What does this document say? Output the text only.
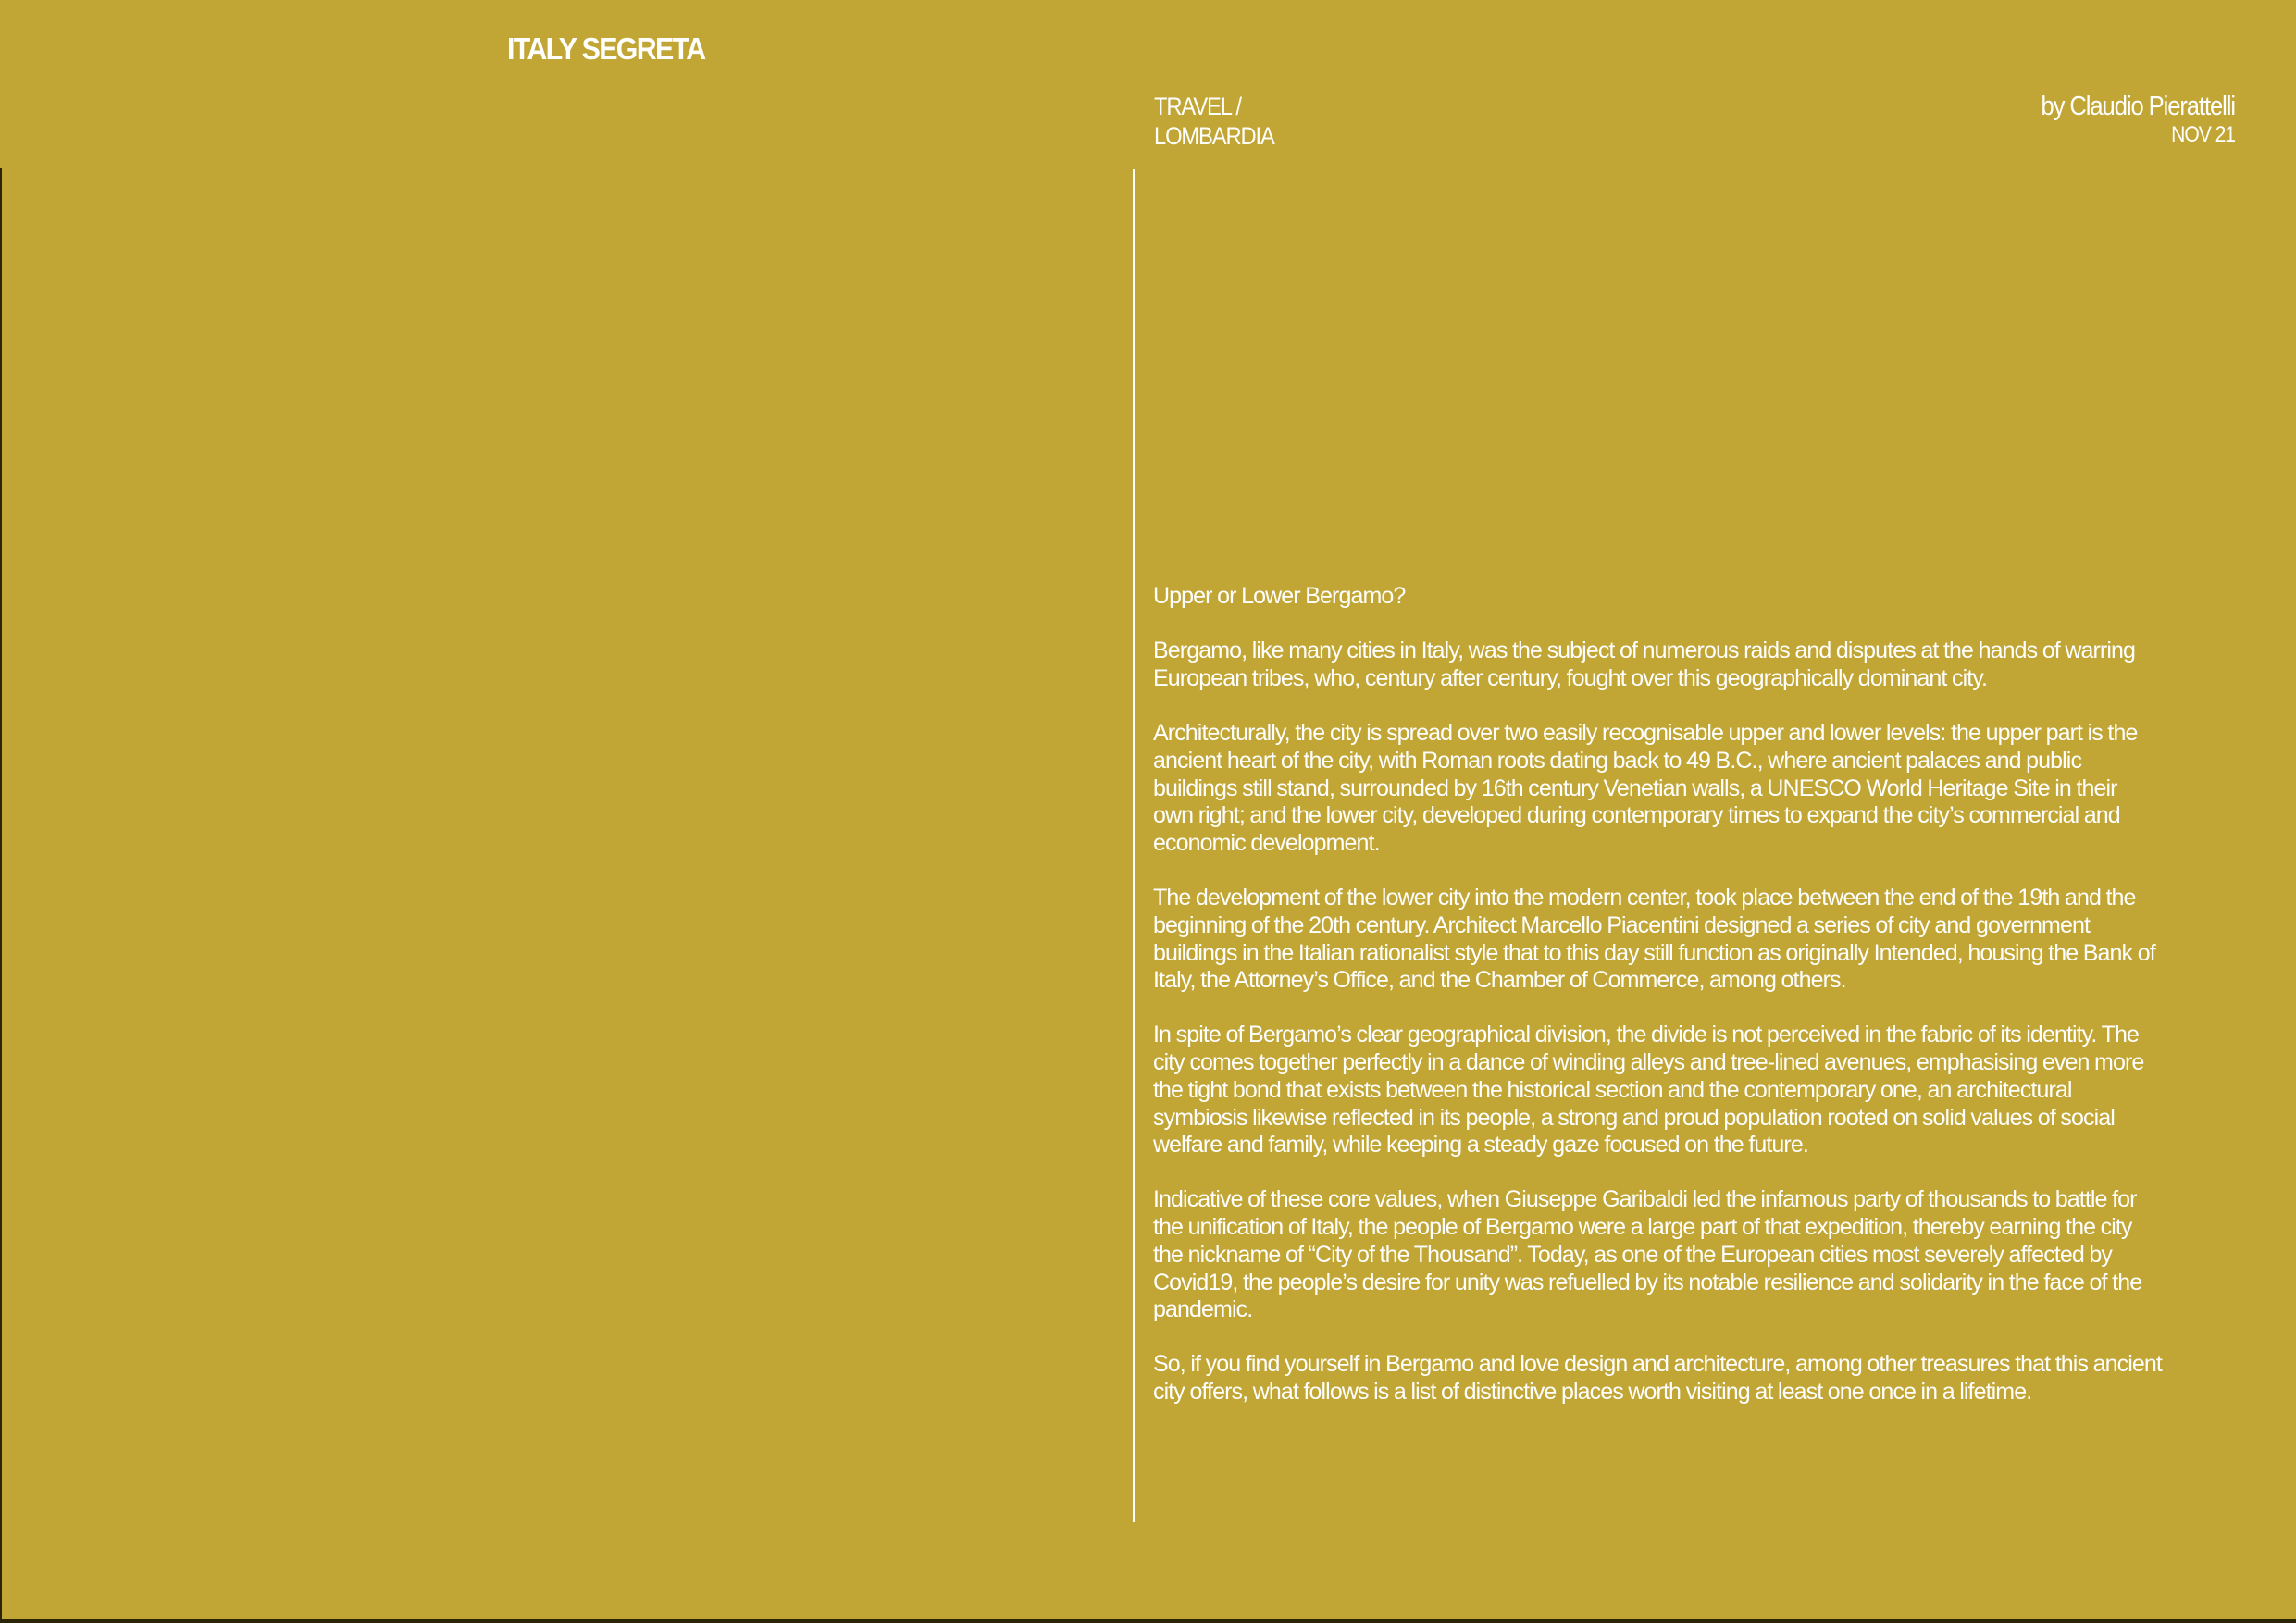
ITALY SEGRETA
TRAVEL /
LOMBARDIA
by Claudio Pierattelli
NOV 21
Upper or Lower Bergamo?

Bergamo, like many cities in Italy, was the subject of numerous raids and disputes at the hands of warring European tribes, who, century after century, fought over this geographically dominant city.

Architecturally, the city is spread over two easily recognisable upper and lower levels: the upper part is the ancient heart of the city, with Roman roots dating back to 49 B.C., where ancient palaces and public buildings still stand, surrounded by 16th century Venetian walls, a UNESCO World Heritage Site in their own right; and the lower city, developed during contemporary times to expand the city’s commercial and economic development.

The development of the lower city into the modern center, took place between the end of the 19th and the beginning of the 20th century. Architect Marcello Piacentini designed a series of city and government buildings in the Italian rationalist style that to this day still function as originally Intended, housing the Bank of Italy, the Attorney’s Office, and the Chamber of Commerce, among others.

In spite of Bergamo’s clear geographical division, the divide is not perceived in the fabric of its identity. The city comes together perfectly in a dance of winding alleys and tree-lined avenues, emphasising even more the tight bond that exists between the historical section and the contemporary one, an architectural symbiosis likewise reflected in its people, a strong and proud population rooted on solid values of social welfare and family, while keeping a steady gaze focused on the future.

Indicative of these core values, when Giuseppe Garibaldi led the infamous party of thousands to battle for the unification of Italy, the people of Bergamo were a large part of that expedition, thereby earning the city the nickname of “City of the Thousand”. Today, as one of the European cities most severely affected by Covid19, the people’s desire for unity was refuelled by its notable resilience and solidarity in the face of the pandemic.

So, if you find yourself in Bergamo and love design and architecture, among other treasures that this ancient city offers, what follows is a list of distinctive places worth visiting at least one once in a lifetime.
